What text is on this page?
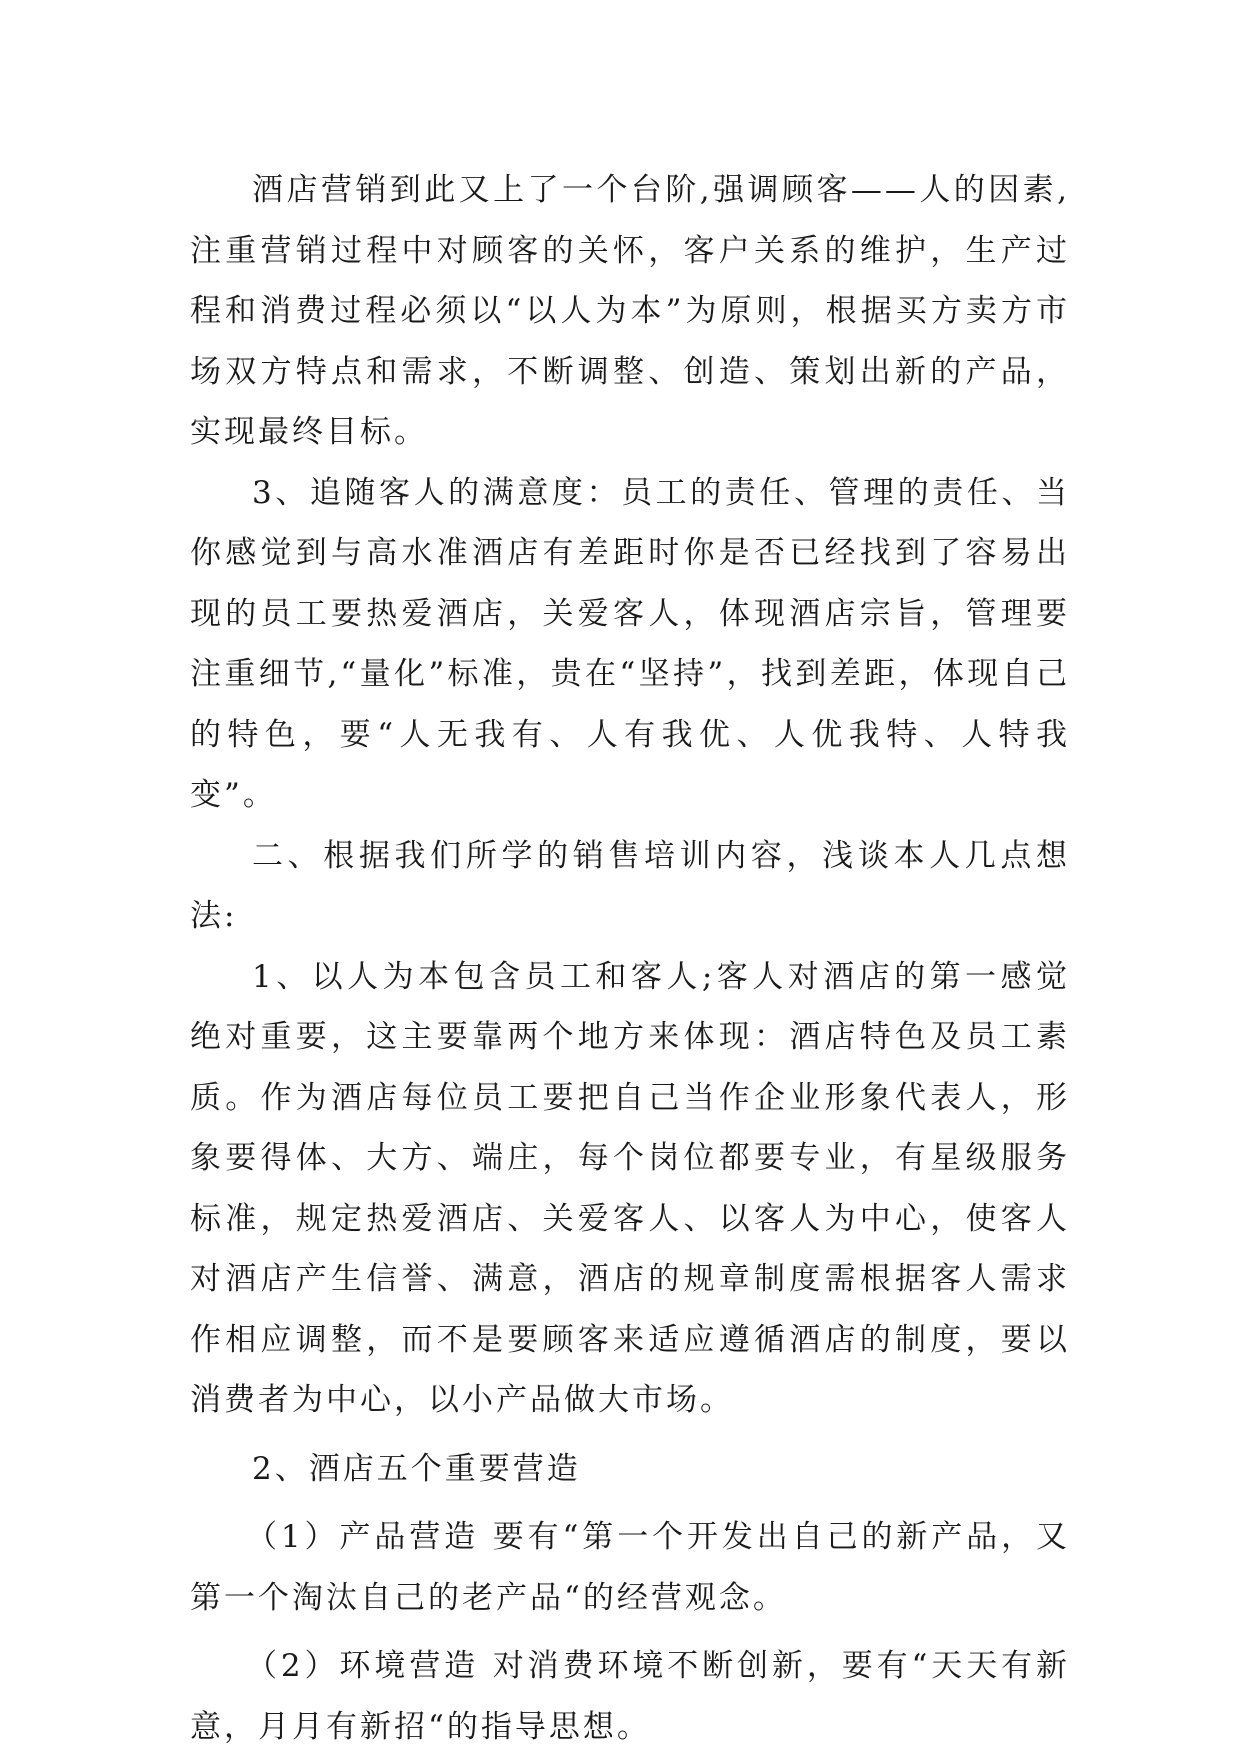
酒店营销到此又上了一个台阶,强调顾客——人的因素,注重营销过程中对顾客的关怀，客户关系的维护，生产过程和消费过程必须以“以人为本”为原则，根据买方卖方市场双方特点和需求，不断调整、创造、策划出新的产品，实现最终目标。

3、追随客人的满意度：员工的责任、管理的责任、当你感觉到与高水准酒店有差距时你是否已经找到了容易出现的员工要热爱酒店，关爱客人，体现酒店宗旨，管理要注重细节,“量化”标准，贵在“坚持”，找到差距，体现自己的特色，要“人无我有、人有我优、人优我特、人特我变”。

二、根据我们所学的销售培训内容，浅谈本人几点想法:

1、以人为本包含员工和客人;客人对酒店的第一感觉绝对重要，这主要靠两个地方来体现：酒店特色及员工素质。作为酒店每位员工要把自己当作企业形象代表人，形象要得体、大方、端庄，每个岗位都要专业，有星级服务标准，规定热爱酒店、关爱客人、以客人为中心，使客人对酒店产生信誉、满意，酒店的规章制度需根据客人需求作相应调整，而不是要顾客来适应遵循酒店的制度，要以消费者为中心，以小产品做大市场。

2、酒店五个重要营造

（1）产品营造 要有“第一个开发出自己的新产品，又第一个淘汰自己的老产品“的经营观念。

（2）环境营造 对消费环境不断创新，要有“天天有新意，月月有新招“的指导思想。
